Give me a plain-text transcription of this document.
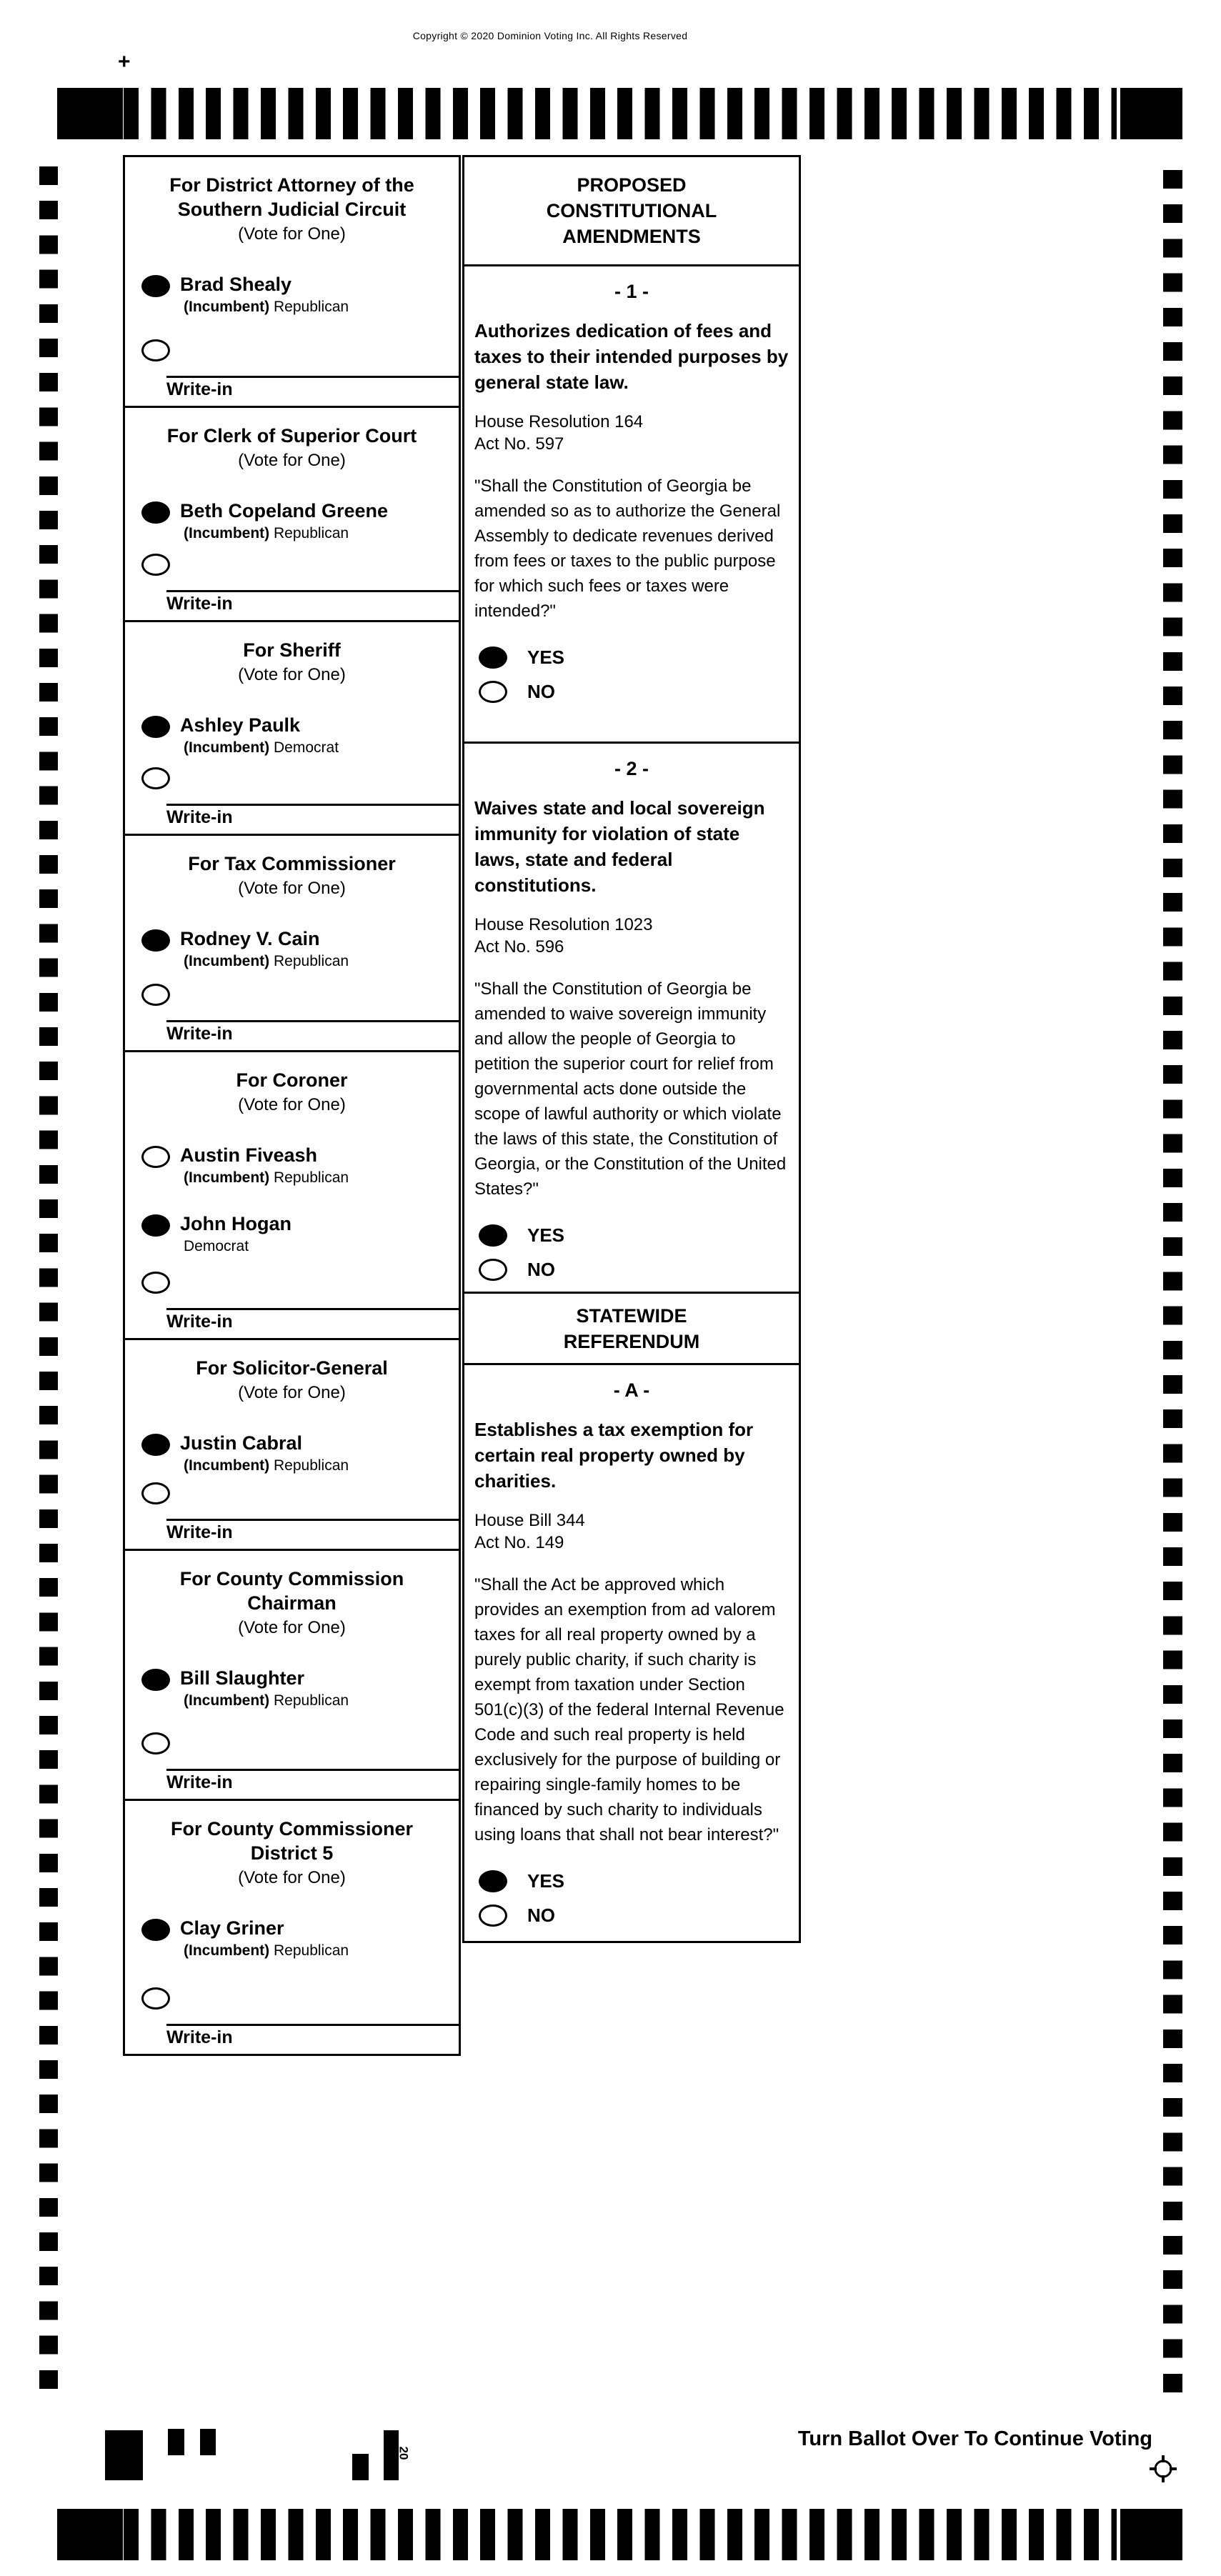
+
Copyright © 2020 Dominion Voting Inc. All Rights Reserved
For District Attorney of the Southern Judicial Circuit
(Vote for One)
Brad Shealy
(Incumbent) Republican
Write-in
For Clerk of Superior Court
(Vote for One)
Beth Copeland Greene
(Incumbent) Republican
Write-in
For Sheriff
(Vote for One)
Ashley Paulk
(Incumbent) Democrat
Write-in
For Tax Commissioner
(Vote for One)
Rodney V. Cain
(Incumbent) Republican
Write-in
For Coroner
(Vote for One)
Austin Fiveash
(Incumbent) Republican
John Hogan
Democrat
Write-in
For Solicitor-General
(Vote for One)
Justin Cabral
(Incumbent) Republican
Write-in
For County Commission Chairman
(Vote for One)
Bill Slaughter
(Incumbent) Republican
Write-in
For County Commissioner District 5
(Vote for One)
Clay Griner
(Incumbent) Republican
Write-in
PROPOSED CONSTITUTIONAL AMENDMENTS
- 1 -
Authorizes dedication of fees and taxes to their intended purposes by general state law.
House Resolution 164
Act No. 597
"Shall the Constitution of Georgia be amended so as to authorize the General Assembly to dedicate revenues derived from fees or taxes to the public purpose for which such fees or taxes were intended?"
YES
NO
- 2 -
Waives state and local sovereign immunity for violation of state laws, state and federal constitutions.
House Resolution 1023
Act No. 596
"Shall the Constitution of Georgia be amended to waive sovereign immunity and allow the people of Georgia to petition the superior court for relief from governmental acts done outside the scope of lawful authority or which violate the laws of this state, the Constitution of Georgia, or the Constitution of the United States?"
YES
NO
STATEWIDE REFERENDUM
- A -
Establishes a tax exemption for certain real property owned by charities.
House Bill 344
Act No. 149
"Shall the Act be approved which provides an exemption from ad valorem taxes for all real property owned by a purely public charity, if such charity is exempt from taxation under Section 501(c)(3) of the federal Internal Revenue Code and such real property is held exclusively for the purpose of building or repairing single-family homes to be financed by such charity to individuals using loans that shall not bear interest?"
YES
NO
Turn Ballot Over To Continue Voting
20
